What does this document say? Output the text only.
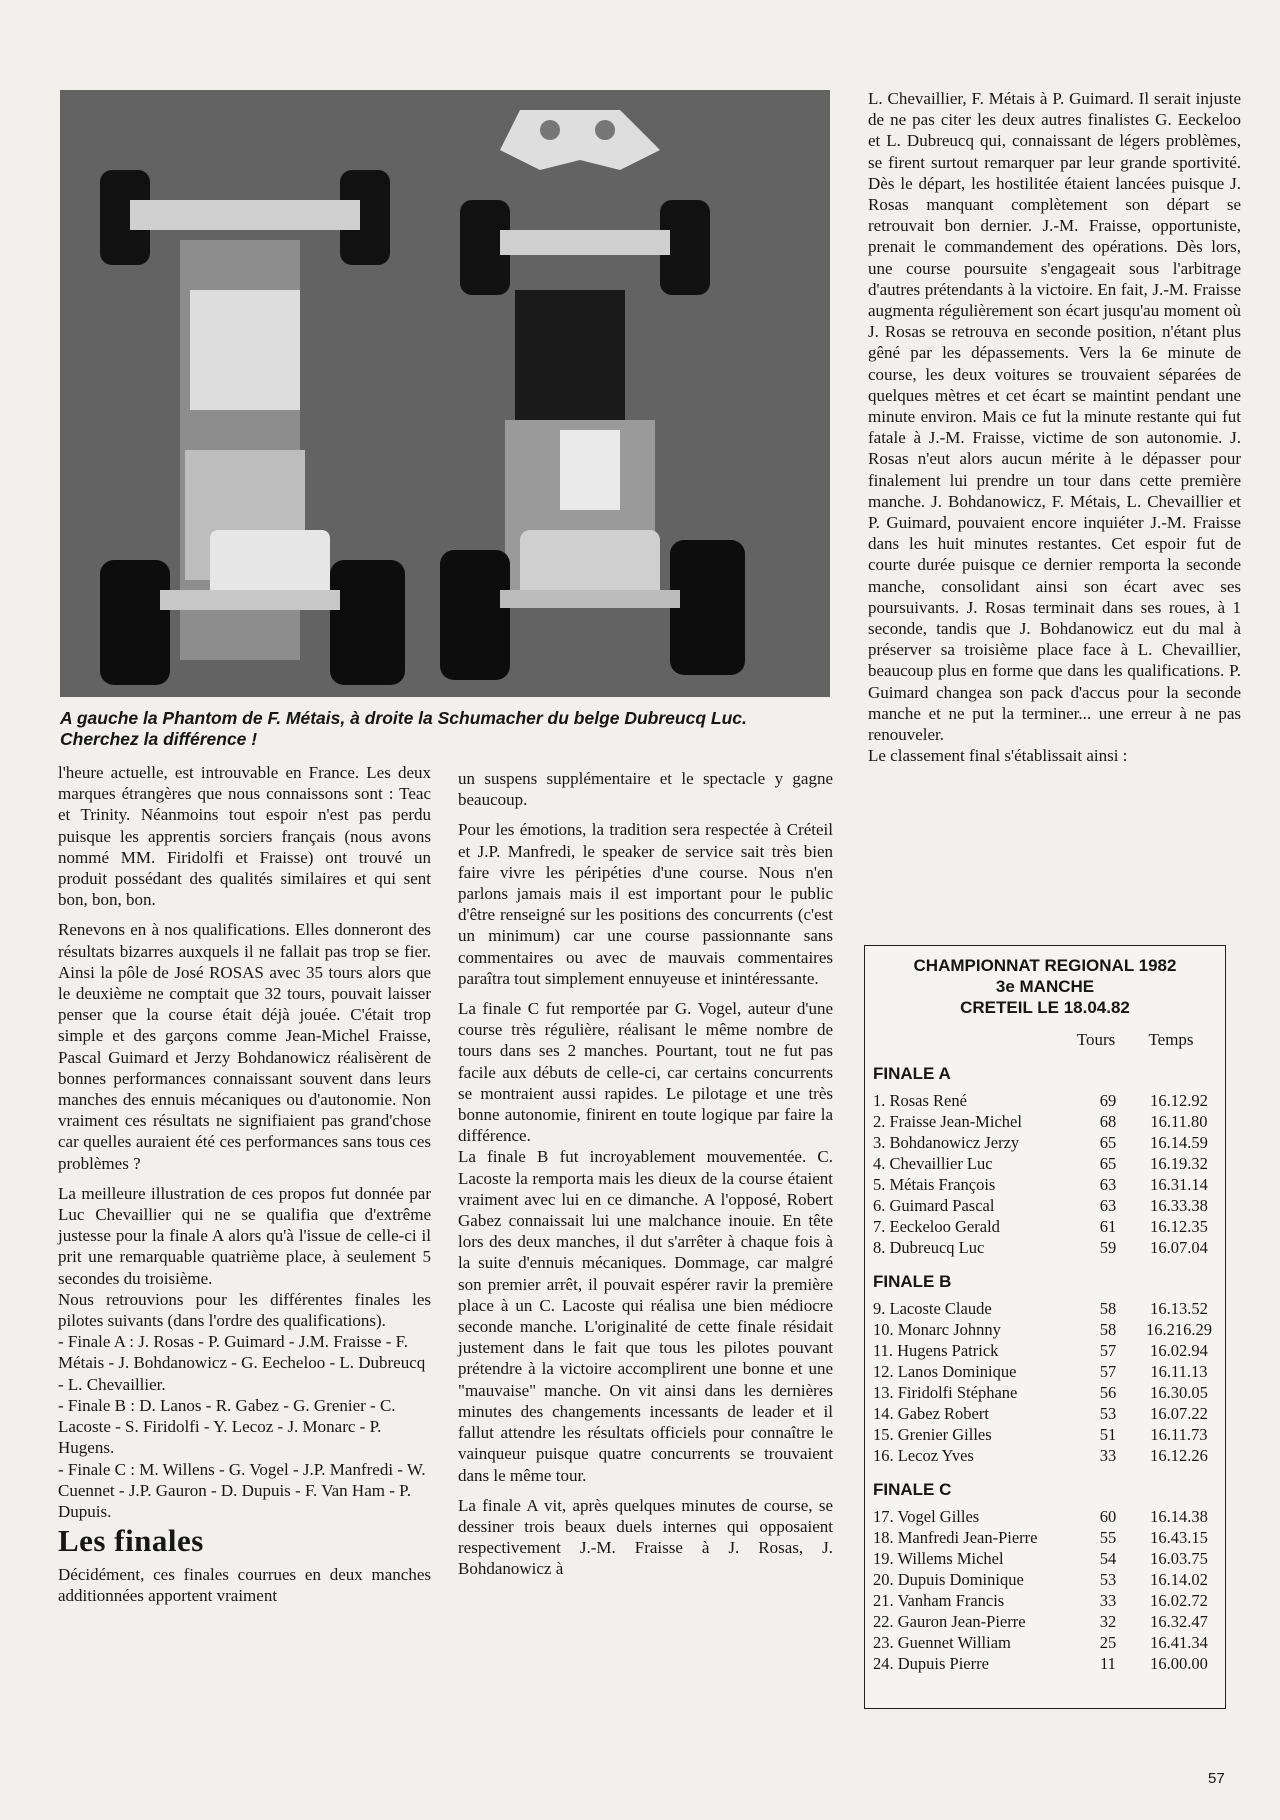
A gauche la Phantom de F. Métais, à droite la Schumacher du belge Dubreucq Luc.
Cherchez la différence !

l'heure actuelle, est introuvable en France. Les deux marques étrangères que nous connaissons sont : Teac et Trinity. Néanmoins tout espoir n'est pas perdu puisque les apprentis sorciers français (nous avons nommé MM. Firidolfi et Fraisse) ont trouvé un produit possédant des qualités similaires et qui sent bon, bon, bon.

Renevons en à nos qualifications. Elles donneront des résultats bizarres auxquels il ne fallait pas trop se fier. Ainsi la pôle de José ROSAS avec 35 tours alors que le deuxième ne comptait que 32 tours, pouvait laisser penser que la course était déjà jouée. C'était trop simple et des garçons comme Jean-Michel Fraisse, Pascal Guimard et Jerzy Bohdanowicz réalisèrent de bonnes performances connaissant souvent dans leurs manches des ennuis mécaniques ou d'autonomie. Non vraiment ces résultats ne signifiaient pas grand'chose car quelles auraient été ces performances sans tous ces problèmes ?

La meilleure illustration de ces propos fut donnée par Luc Chevaillier qui ne se qualifia que d'extrême justesse pour la finale A alors qu'à l'issue de celle-ci il prit une remarquable quatrième place, à seulement 5 secondes du troisième.

Nous retrouvions pour les différentes finales les pilotes suivants (dans l'ordre des qualifications).

- Finale A : J. Rosas - P. Guimard - J.M. Fraisse - F. Métais - J. Bohdanowicz - G. Eecheloo - L. Dubreucq - L. Chevaillier.

- Finale B : D. Lanos - R. Gabez - G. Grenier - C. Lacoste - S. Firidolfi - Y. Lecoz - J. Monarc - P. Hugens.

- Finale C : M. Willens - G. Vogel - J.P. Manfredi - W. Cuennet - J.P. Gauron - D. Dupuis - F. Van Ham - P. Dupuis.

Les finales

Décidément, ces finales courrues en deux manches additionnées apportent vraiment

un suspens supplémentaire et le spectacle y gagne beaucoup.

Pour les émotions, la tradition sera respectée à Créteil et J.P. Manfredi, le speaker de service sait très bien faire vivre les péripéties d'une course. Nous n'en parlons jamais mais il est important pour le public d'être renseigné sur les positions des concurrents (c'est un minimum) car une course passionnante sans commentaires ou avec de mauvais commentaires paraîtra tout simplement ennuyeuse et inintéressante.

La finale C fut remportée par G. Vogel, auteur d'une course très régulière, réalisant le même nombre de tours dans ses 2 manches. Pourtant, tout ne fut pas facile aux débuts de celle-ci, car certains concurrents se montraient aussi rapides. Le pilotage et une très bonne autonomie, finirent en toute logique par faire la différence.

La finale B fut incroyablement mouvementée. C. Lacoste la remporta mais les dieux de la course étaient vraiment avec lui en ce dimanche. A l'opposé, Robert Gabez connaissait lui une malchance inouie. En tête lors des deux manches, il dut s'arrêter à chaque fois à la suite d'ennuis mécaniques. Dommage, car malgré son premier arrêt, il pouvait espérer ravir la première place à un C. Lacoste qui réalisa une bien médiocre seconde manche. L'originalité de cette finale résidait justement dans le fait que tous les pilotes pouvant prétendre à la victoire accomplirent une bonne et une "mauvaise" manche. On vit ainsi dans les dernières minutes des changements incessants de leader et il fallut attendre les résultats officiels pour connaître le vainqueur puisque quatre concurrents se trouvaient dans le même tour.

La finale A vit, après quelques minutes de course, se dessiner trois beaux duels internes qui opposaient respectivement J.-M. Fraisse à J. Rosas, J. Bohdanowicz à

L. Chevaillier, F. Métais à P. Guimard. Il serait injuste de ne pas citer les deux autres finalistes G. Eeckeloo et L. Dubreucq qui, connaissant de légers problèmes, se firent surtout remarquer par leur grande sportivité. Dès le départ, les hostilitée étaient lancées puisque J. Rosas manquant complètement son départ se retrouvait bon dernier. J.-M. Fraisse, opportuniste, prenait le commandement des opérations. Dès lors, une course poursuite s'engageait sous l'arbitrage d'autres prétendants à la victoire. En fait, J.-M. Fraisse augmenta régulièrement son écart jusqu'au moment où J. Rosas se retrouva en seconde position, n'étant plus gêné par les dépassements. Vers la 6e minute de course, les deux voitures se trouvaient séparées de quelques mètres et cet écart se maintint pendant une minute environ. Mais ce fut la minute restante qui fut fatale à J.-M. Fraisse, victime de son autonomie. J. Rosas n'eut alors aucun mérite à le dépasser pour finalement lui prendre un tour dans cette première manche. J. Bohdanowicz, F. Métais, L. Chevaillier et P. Guimard, pouvaient encore inquiéter J.-M. Fraisse dans les huit minutes restantes. Cet espoir fut de courte durée puisque ce dernier remporta la seconde manche, consolidant ainsi son écart avec ses poursuivants. J. Rosas terminait dans ses roues, à 1 seconde, tandis que J. Bohdanowicz eut du mal à préserver sa troisième place face à L. Chevaillier, beaucoup plus en forme que dans les qualifications. P. Guimard changea son pack d'accus pour la seconde manche et ne put la terminer... une erreur à ne pas renouveler.

Le classement final s'établissait ainsi :

CHAMPIONNAT REGIONAL 1982
3e MANCHE
CRETEIL LE 18.04.82
Tours	Temps
FINALE A
1. Rosas René	69	16.12.92
2. Fraisse Jean-Michel	68	16.11.80
3. Bohdanowicz Jerzy	65	16.14.59
4. Chevaillier Luc	65	16.19.32
5. Métais François	63	16.31.14
6. Guimard Pascal	63	16.33.38
7. Eeckeloo Gerald	61	16.12.35
8. Dubreucq Luc	59	16.07.04
FINALE B
9. Lacoste Claude	58	16.13.52
10. Monarc Johnny	58	16.216.29
11. Hugens Patrick	57	16.02.94
12. Lanos Dominique	57	16.11.13
13. Firidolfi Stéphane	56	16.30.05
14. Gabez Robert	53	16.07.22
15. Grenier Gilles	51	16.11.73
16. Lecoz Yves	33	16.12.26
FINALE C
17. Vogel Gilles	60	16.14.38
18. Manfredi Jean-Pierre	55	16.43.15
19. Willems Michel	54	16.03.75
20. Dupuis Dominique	53	16.14.02
21. Vanham Francis	33	16.02.72
22. Gauron Jean-Pierre	32	16.32.47
23. Guennet William	25	16.41.34
24. Dupuis Pierre	11	16.00.00
57
